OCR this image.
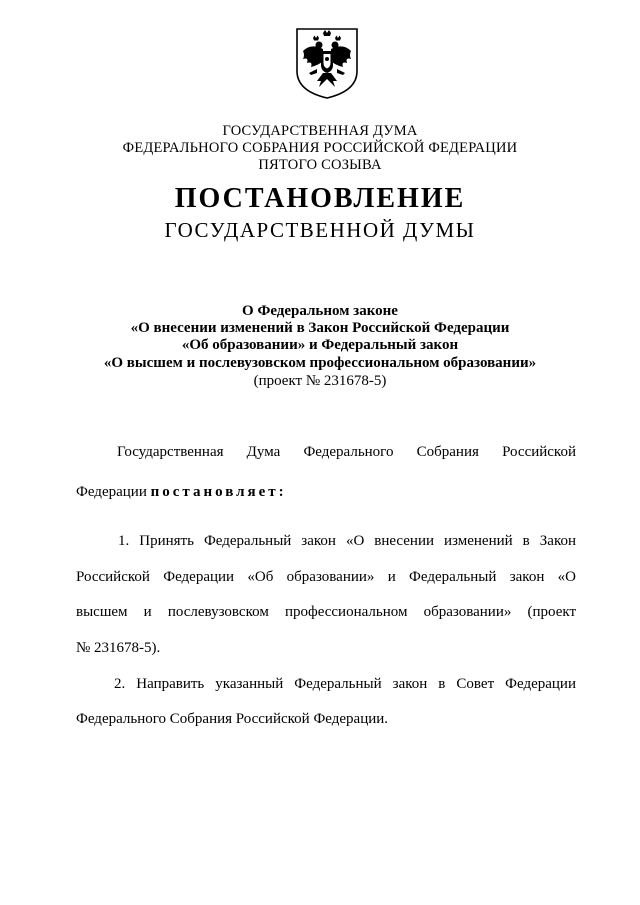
ГОСУДАРСТВЕННАЯ ДУМА
ФЕДЕРАЛЬНОГО СОБРАНИЯ РОССИЙСКОЙ ФЕДЕРАЦИИ
ПЯТОГО СОЗЫВА
ПОСТАНОВЛЕНИЕ
ГОСУДАРСТВЕННОЙ ДУМЫ
О Федеральном законе
«О внесении изменений в Закон Российской Федерации
«Об образовании» и Федеральный закон
«О высшем и послевузовском профессиональном образовании»
(проект № 231678-5)
Государственная Дума Федерального Собрания Российской
Федерации постановляет:
1. Принять Федеральный закон «О внесении изменений в Закон
Российской Федерации «Об образовании» и Федеральный закон «О
высшем и послевузовском профессиональном образовании» (проект
№ 231678-5).
2. Направить указанный Федеральный закон в Совет Федерации
Федерального Собрания Российской Федерации.
